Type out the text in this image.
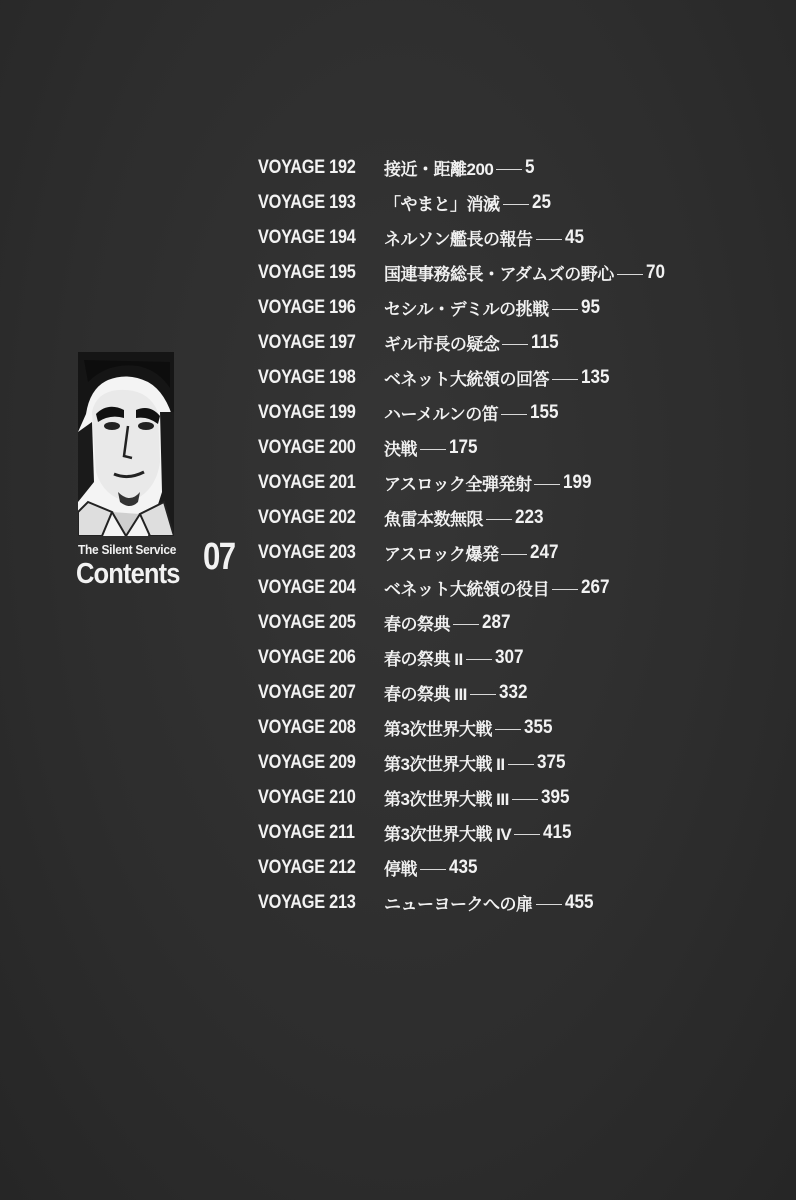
The Silent Service
Contents 07
VOYAGE 192	接近・距離200 5
VOYAGE 193	「やまと」消滅 25
VOYAGE 194	ネルソン艦長の報告 45
VOYAGE 195	国連事務総長・アダムズの野心 70
VOYAGE 196	セシル・デミルの挑戦 95
VOYAGE 197	ギル市長の疑念 115
VOYAGE 198	ベネット大統領の回答 135
VOYAGE 199	ハーメルンの笛 155
VOYAGE 200	決戦 175
VOYAGE 201	アスロック全弾発射 199
VOYAGE 202	魚雷本数無限 223
VOYAGE 203	アスロック爆発 247
VOYAGE 204	ベネット大統領の役目 267
VOYAGE 205	春の祭典 287
VOYAGE 206	春の祭典 II 307
VOYAGE 207	春の祭典 III 332
VOYAGE 208	第3次世界大戦 355
VOYAGE 209	第3次世界大戦 II 375
VOYAGE 210	第3次世界大戦 III 395
VOYAGE 211	第3次世界大戦 IV 415
VOYAGE 212	停戦 435
VOYAGE 213	ニューヨークへの扉 455
